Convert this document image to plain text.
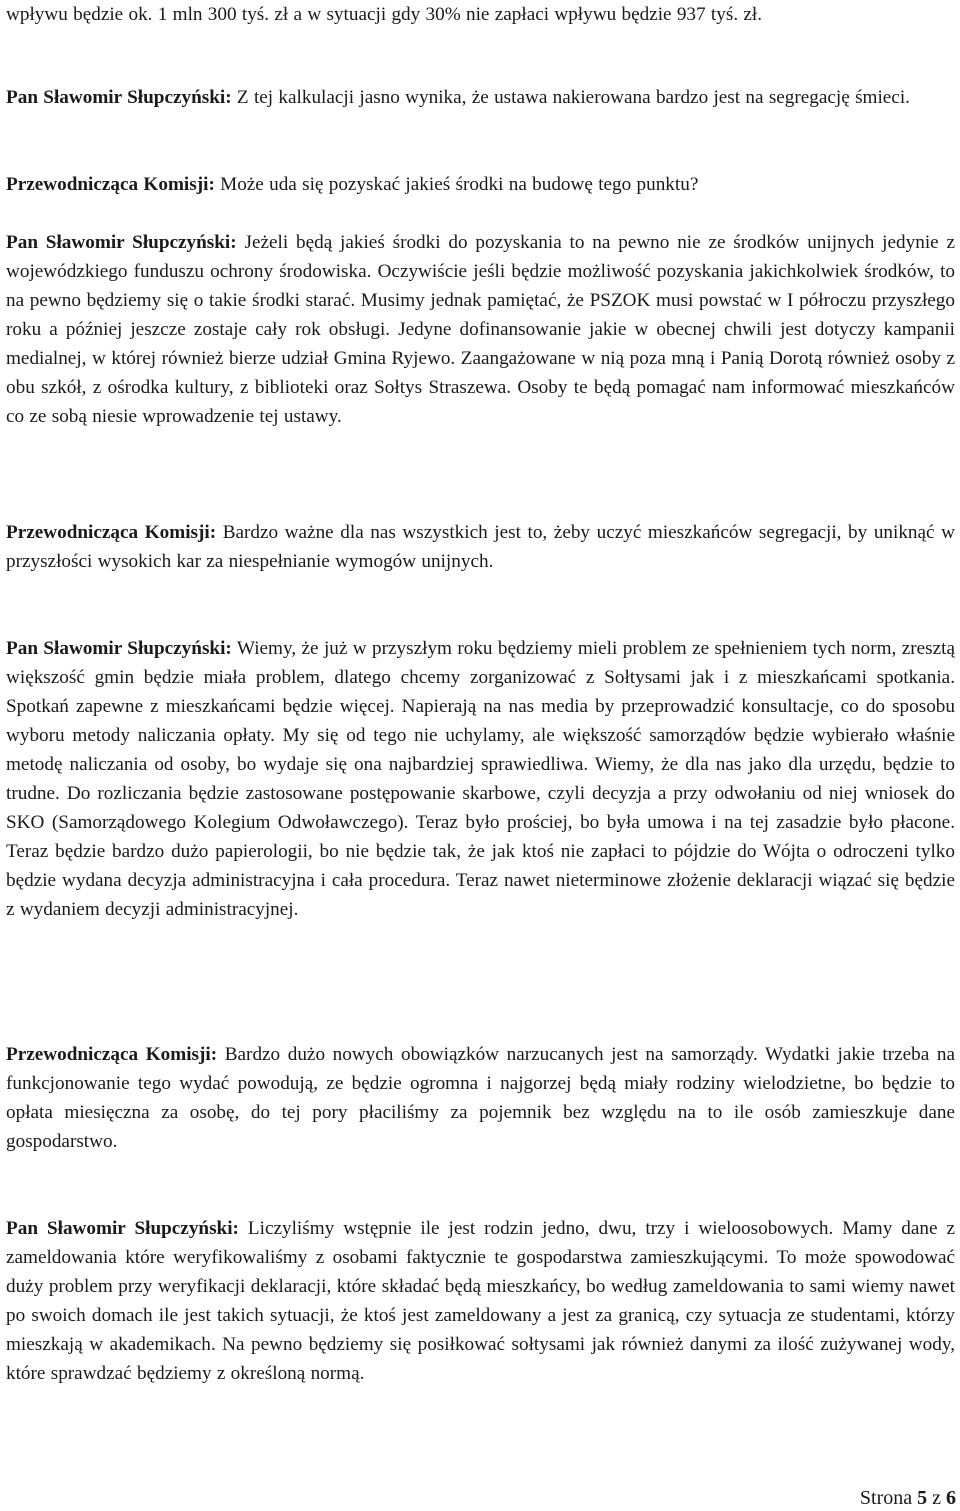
wpływu będzie ok. 1 mln 300 tyś. zł a w sytuacji gdy 30% nie zapłaci wpływu będzie 937 tyś. zł.

Pan Sławomir Słupczyński: Z tej kalkulacji jasno wynika, że ustawa nakierowana bardzo jest na segregację śmieci.

Przewodnicząca Komisji: Może uda się pozyskać jakieś środki na budowę tego punktu?

Pan Sławomir Słupczyński: Jeżeli będą jakieś środki do pozyskania to na pewno nie ze środków unijnych jedynie z wojewódzkiego funduszu ochrony środowiska. Oczywiście jeśli będzie możliwość pozyskania jakichkolwiek środków, to na pewno będziemy się o takie środki starać. Musimy jednak pamiętać, że PSZOK musi powstać w I półroczu przyszłego roku a później jeszcze zostaje cały rok obsługi. Jedyne dofinansowanie jakie w obecnej chwili jest dotyczy kampanii medialnej, w której również bierze udział Gmina Ryjewo. Zaangażowane w nią poza mną i Panią Dorotą również osoby z obu szkół, z ośrodka kultury, z biblioteki oraz Sołtys Straszewa. Osoby te będą pomagać nam informować mieszkańców co ze sobą niesie wprowadzenie tej ustawy.

Przewodnicząca Komisji: Bardzo ważne dla nas wszystkich jest to, żeby uczyć mieszkańców segregacji, by uniknąć w przyszłości wysokich kar za niespełnianie wymogów unijnych.

Pan Sławomir Słupczyński: Wiemy, że już w przyszłym roku będziemy mieli problem ze spełnieniem tych norm, zresztą większość gmin będzie miała problem, dlatego chcemy zorganizować z Sołtysami jak i z mieszkańcami spotkania. Spotkań zapewne z mieszkańcami będzie więcej. Napierają na nas media by przeprowadzić konsultacje, co do sposobu wyboru metody naliczania opłaty. My się od tego nie uchylamy, ale większość samorządów będzie wybierało właśnie metodę naliczania od osoby, bo wydaje się ona najbardziej sprawiedliwa. Wiemy, że dla nas jako dla urzędu, będzie to trudne. Do rozliczania będzie zastosowane postępowanie skarbowe, czyli decyzja a przy odwołaniu od niej wniosek do SKO (Samorządowego Kolegium Odwoławczego). Teraz było prościej, bo była umowa i na tej zasadzie było płacone. Teraz będzie bardzo dużo papierologii, bo nie będzie tak, że jak ktoś nie zapłaci to pójdzie do Wójta o odroczeni tylko będzie wydana decyzja administracyjna i cała procedura. Teraz nawet nieterminowe złożenie deklaracji wiązać się będzie z wydaniem decyzji administracyjnej.

Przewodnicząca Komisji: Bardzo dużo nowych obowiązków narzucanych jest na samorządy. Wydatki jakie trzeba na funkcjonowanie tego wydać powodują, ze będzie ogromna i najgorzej będą miały rodziny wielodzietne, bo będzie to opłata miesięczna za osobę, do tej pory płaciliśmy za pojemnik bez względu na to ile osób zamieszkuje dane gospodarstwo.

Pan Sławomir Słupczyński: Liczyliśmy wstępnie ile jest rodzin jedno, dwu, trzy i wieloosobowych. Mamy dane z zameldowania które weryfikowaliśmy z osobami faktycznie te gospodarstwa zamieszkującymi. To może spowodować duży problem przy weryfikacji deklaracji, które składać będą mieszkańcy, bo według zameldowania to sami wiemy nawet po swoich domach ile jest takich sytuacji, że ktoś jest zameldowany a jest za granicą, czy sytuacja ze studentami, którzy mieszkają w akademikach. Na pewno będziemy się posiłkować sołtysami jak również danymi za ilość zużywanej wody, które sprawdzać będziemy z określoną normą.

Strona 5 z 6
